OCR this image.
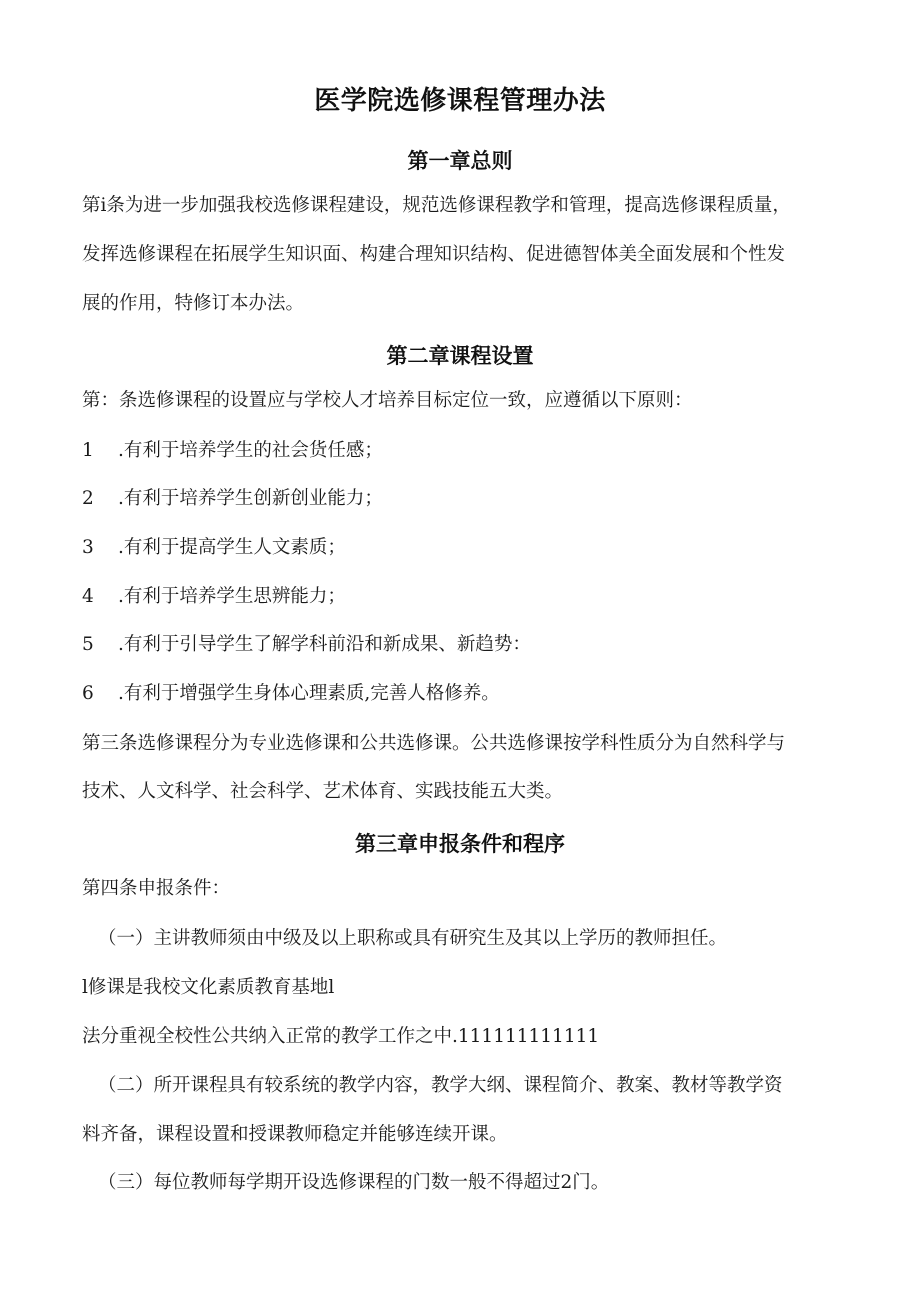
医学院选修课程管理办法
第一章总则
第i条为进一步加强我校选修课程建设，规范选修课程教学和管理，提高选修课程质量，
发挥选修课程在拓展学生知识面、构建合理知识结构、促进德智体美全面发展和个性发
展的作用，特修订本办法。
第二章课程设置
第：条选修课程的设置应与学校人才培养目标定位一致，应遵循以下原则：
1 .有利于培养学生的社会货任感；
2 .有利于培养学生创新创业能力；
3 .有利于提高学生人文素质；
4 .有利于培养学生思辨能力；
5 .有利于引导学生了解学科前沿和新成果、新趋势：
6 .有利于增强学生身体心理素质,完善人格修养。
第三条选修课程分为专业选修课和公共选修课。公共选修课按学科性质分为自然科学与
技术、人文科学、社会科学、艺术体育、实践技能五大类。
第三章申报条件和程序
第四条申报条件：
（一）主讲教师须由中级及以上职称或具有研究生及其以上学历的教师担任。
l修课是我校文化素质教育基地l
法分重视全校性公共纳入正常的教学工作之中.111111111111
（二）所开课程具有较系统的教学内容，教学大纲、课程简介、教案、教材等教学资
料齐备，课程设置和授课教师稳定并能够连续开课。
（三）每位教师每学期开设选修课程的门数一般不得超过2门。
